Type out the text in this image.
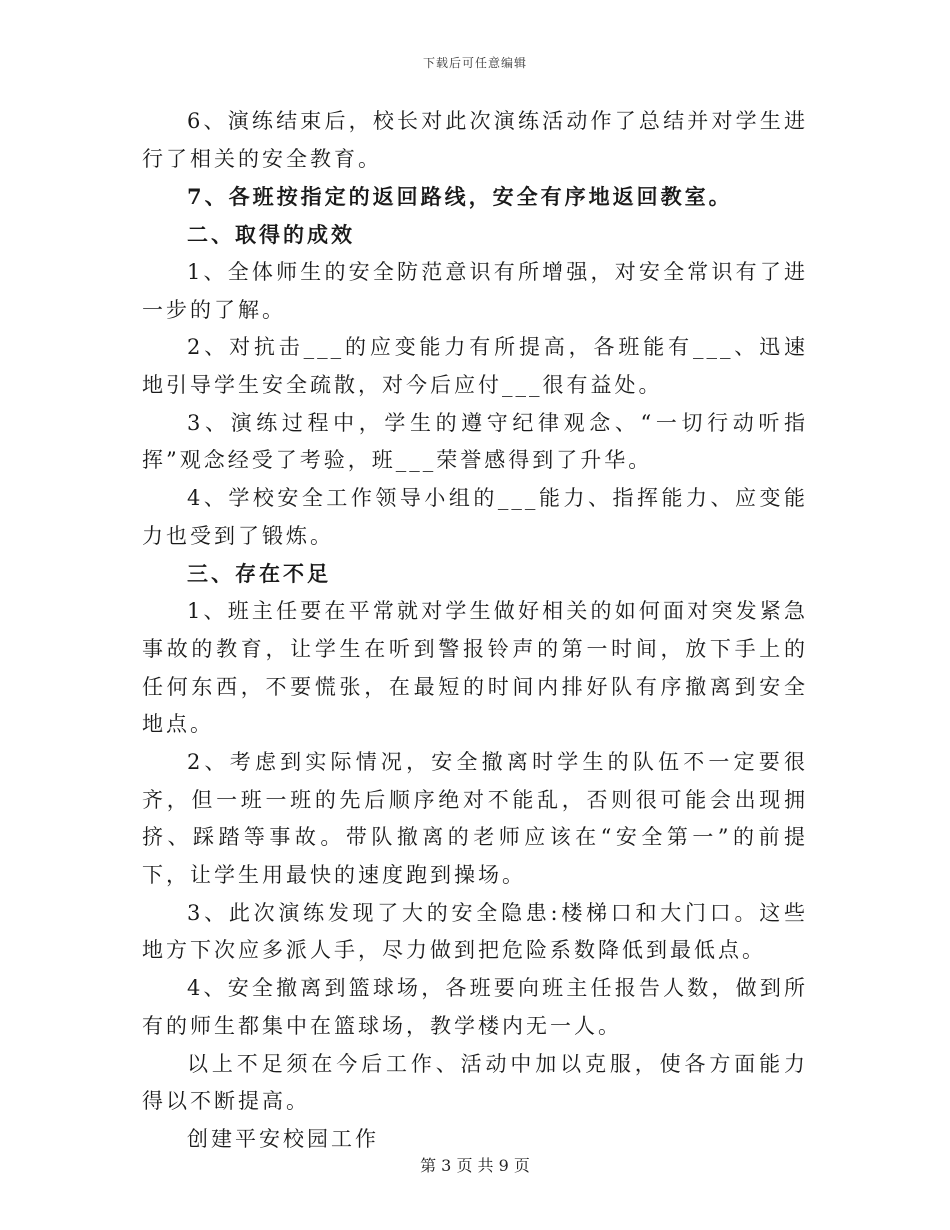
下载后可任意编辑

6、演练结束后，校长对此次演练活动作了总结并对学生进行了相关的安全教育。

7、各班按指定的返回路线，安全有序地返回教室。

二、取得的成效

1、全体师生的安全防范意识有所增强，对安全常识有了进一步的了解。

2、对抗击___的应变能力有所提高，各班能有___、迅速地引导学生安全疏散，对今后应付___很有益处。

3、演练过程中，学生的遵守纪律观念、“一切行动听指挥”观念经受了考验，班___荣誉感得到了升华。

4、学校安全工作领导小组的___能力、指挥能力、应变能力也受到了锻炼。

三、存在不足

1、班主任要在平常就对学生做好相关的如何面对突发紧急事故的教育，让学生在听到警报铃声的第一时间，放下手上的任何东西，不要慌张，在最短的时间内排好队有序撤离到安全地点。

2、考虑到实际情况，安全撤离时学生的队伍不一定要很齐，但一班一班的先后顺序绝对不能乱，否则很可能会出现拥挤、踩踏等事故。带队撤离的老师应该在“安全第一”的前提下，让学生用最快的速度跑到操场。

3、此次演练发现了大的安全隐患:楼梯口和大门口。这些地方下次应多派人手，尽力做到把危险系数降低到最低点。

4、安全撤离到篮球场，各班要向班主任报告人数，做到所有的师生都集中在篮球场，教学楼内无一人。

以上不足须在今后工作、活动中加以克服，使各方面能力得以不断提高。

创建平安校园工作

第 3 页 共 9 页
